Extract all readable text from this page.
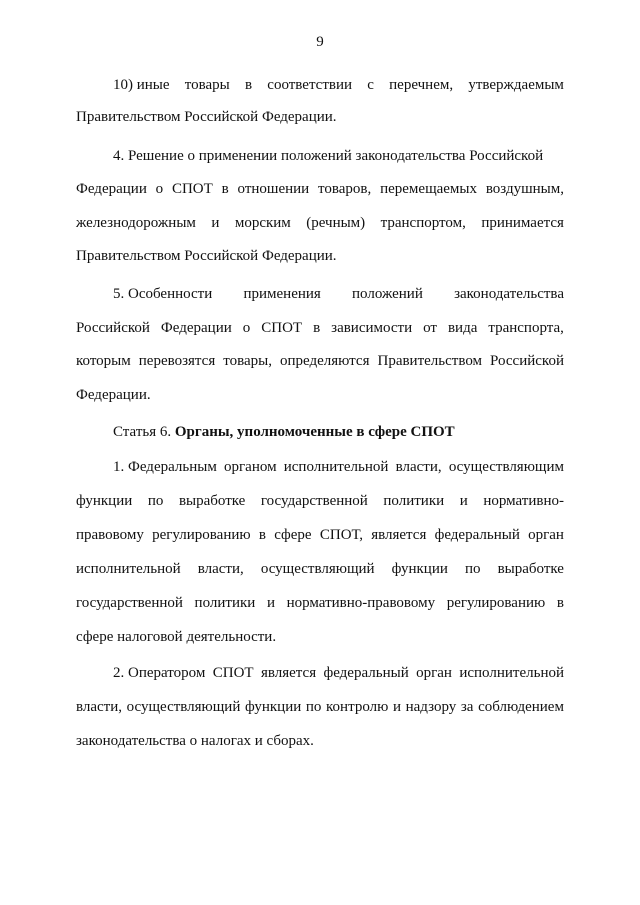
9
10) иные товары в соответствии с перечнем, утверждаемым
Правительством Российской Федерации.
4. Решение о применении положений законодательства Российской
Федерации о СПОТ в отношении товаров, перемещаемых воздушным,
железнодорожным и морским (речным) транспортом, принимается
Правительством Российской Федерации.
5. Особенности применения положений законодательства
Российской Федерации о СПОТ в зависимости от вида транспорта,
которым перевозятся товары, определяются Правительством Российской
Федерации.
Статья 6. Органы, уполномоченные в сфере СПОТ
1. Федеральным органом исполнительной власти, осуществляющим
функции по выработке государственной политики и нормативно-
правовому регулированию в сфере СПОТ, является федеральный орган
исполнительной власти, осуществляющий функции по выработке
государственной политики и нормативно-правовому регулированию в
сфере налоговой деятельности.
2. Оператором СПОТ является федеральный орган исполнительной
власти, осуществляющий функции по контролю и надзору за соблюдением
законодательства о налогах и сборах.
